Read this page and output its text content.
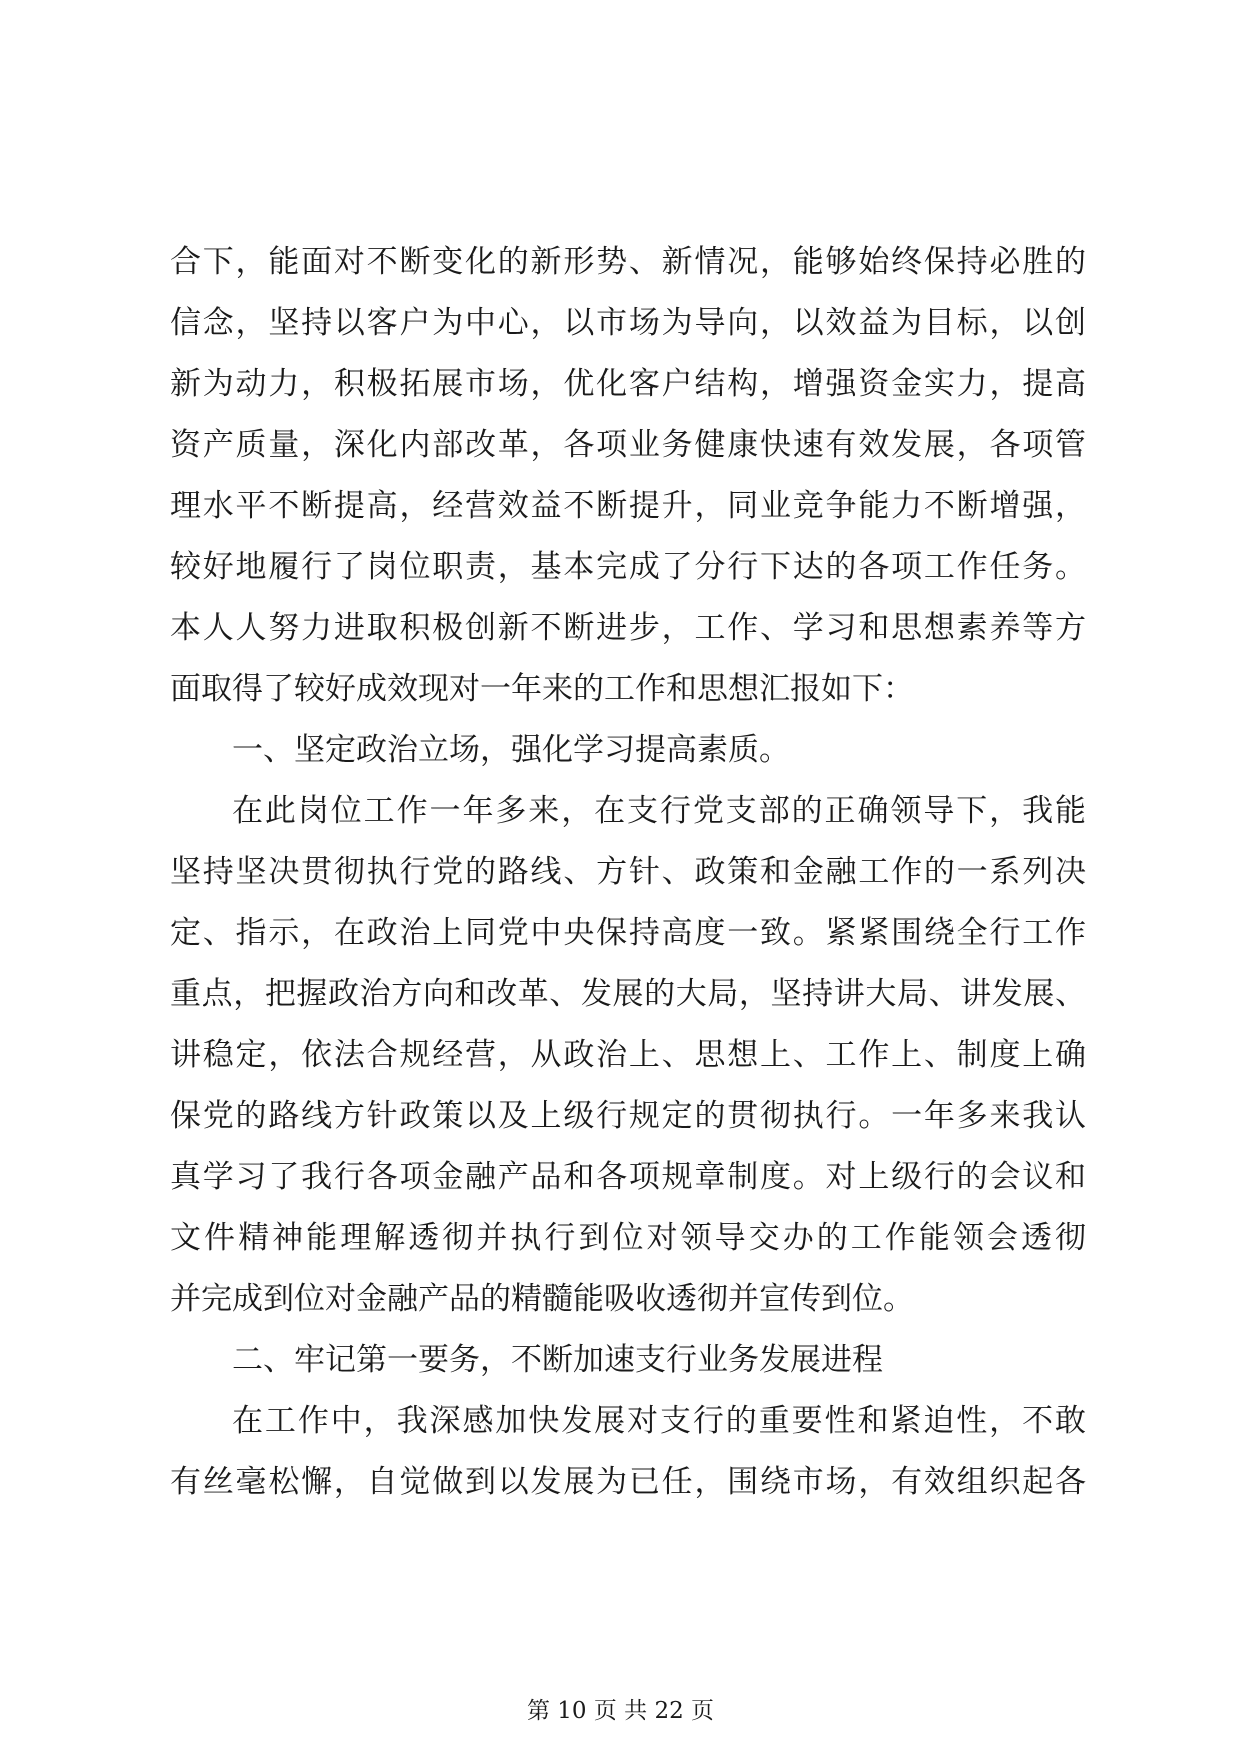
合下，能面对不断变化的新形势、新情况，能够始终保持必胜的
信念，坚持以客户为中心，以市场为导向，以效益为目标，以创
新为动力，积极拓展市场，优化客户结构，增强资金实力，提高
资产质量，深化内部改革，各项业务健康快速有效发展，各项管
理水平不断提高，经营效益不断提升，同业竞争能力不断增强，
较好地履行了岗位职责，基本完成了分行下达的各项工作任务。
本人人努力进取积极创新不断进步，工作、学习和思想素养等方
面取得了较好成效现对一年来的工作和思想汇报如下：
一、坚定政治立场，强化学习提高素质。
在此岗位工作一年多来，在支行党支部的正确领导下，我能
坚持坚决贯彻执行党的路线、方针、政策和金融工作的一系列决
定、指示，在政治上同党中央保持高度一致。紧紧围绕全行工作
重点，把握政治方向和改革、发展的大局，坚持讲大局、讲发展、
讲稳定，依法合规经营，从政治上、思想上、工作上、制度上确
保党的路线方针政策以及上级行规定的贯彻执行。一年多来我认
真学习了我行各项金融产品和各项规章制度。对上级行的会议和
文件精神能理解透彻并执行到位对领导交办的工作能领会透彻
并完成到位对金融产品的精髓能吸收透彻并宣传到位。
二、牢记第一要务，不断加速支行业务发展进程
在工作中，我深感加快发展对支行的重要性和紧迫性，不敢
有丝毫松懈，自觉做到以发展为已任，围绕市场，有效组织起各
第 10 页 共 22 页
